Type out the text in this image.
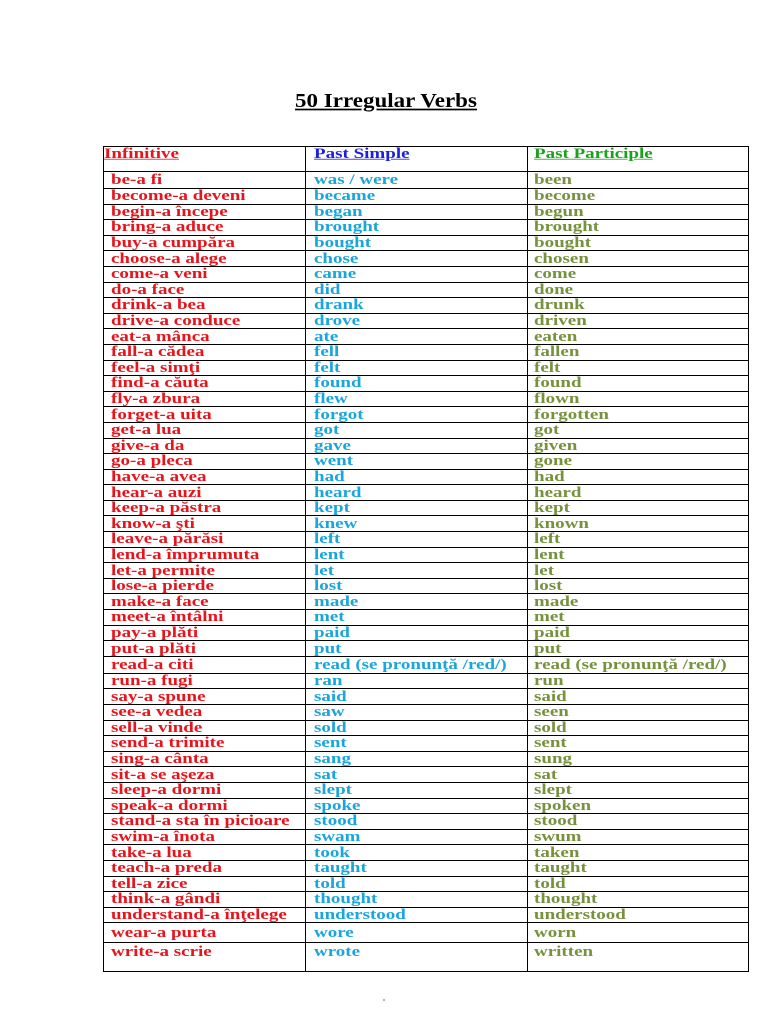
50 Irregular Verbs
Infinitive	Past Simple	Past Participle
be-a fi	was / were	been
become-a deveni	became	become
begin-a începe	began	begun
bring-a aduce	brought	brought
buy-a cumpăra	bought	bought
choose-a alege	chose	chosen
come-a veni	came	come
do-a face	did	done
drink-a bea	drank	drunk
drive-a conduce	drove	driven
eat-a mânca	ate	eaten
fall-a cădea	fell	fallen
feel-a simţi	felt	felt
find-a căuta	found	found
fly-a zbura	flew	flown
forget-a uita	forgot	forgotten
get-a lua	got	got
give-a da	gave	given
go-a pleca	went	gone
have-a avea	had	had
hear-a auzi	heard	heard
keep-a păstra	kept	kept
know-a şti	knew	known
leave-a părăsi	left	left
lend-a împrumuta	lent	lent
let-a permite	let	let
lose-a pierde	lost	lost
make-a face	made	made
meet-a întâlni	met	met
pay-a plăti	paid	paid
put-a plăti	put	put
read-a citi	read (se pronunţă /red/)	read (se pronunţă /red/)
run-a fugi	ran	run
say-a spune	said	said
see-a vedea	saw	seen
sell-a vinde	sold	sold
send-a trimite	sent	sent
sing-a cânta	sang	sung
sit-a se aşeza	sat	sat
sleep-a dormi	slept	slept
speak-a dormi	spoke	spoken
stand-a sta în picioare	stood	stood
swim-a înota	swam	swum
take-a lua	took	taken
teach-a preda	taught	taught
tell-a zice	told	told
think-a gândi	thought	thought
understand-a înţelege	understood	understood
wear-a purta	wore	worn
write-a scrie	wrote	written
